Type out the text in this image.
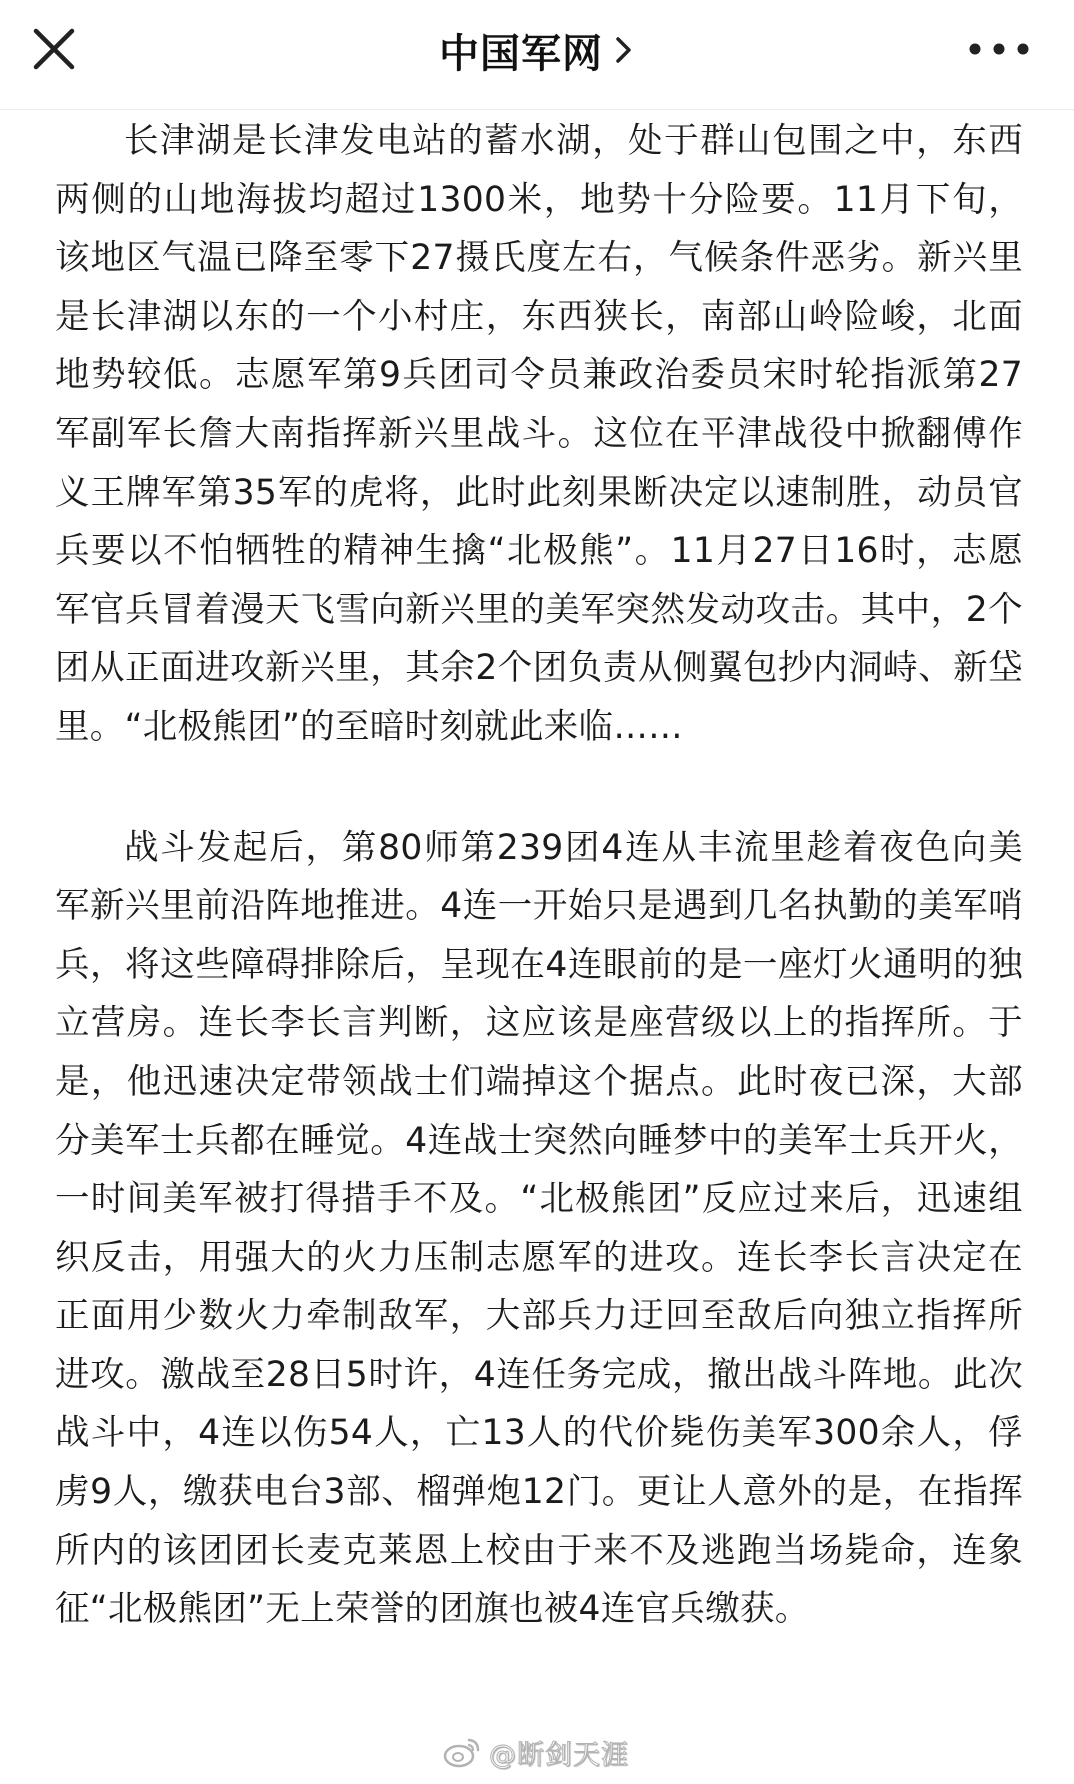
中国军网

长津湖是长津发电站的蓄水湖，处于群山包围之中，东西两侧的山地海拔均超过1300米，地势十分险要。11月下旬，该地区气温已降至零下27摄氏度左右，气候条件恶劣。新兴里是长津湖以东的一个小村庄，东西狭长，南部山岭险峻，北面地势较低。志愿军第9兵团司令员兼政治委员宋时轮指派第27军副军长詹大南指挥新兴里战斗。这位在平津战役中掀翻傅作义王牌军第35军的虎将，此时此刻果断决定以速制胜，动员官兵要以不怕牺牲的精神生擒“北极熊”。11月27日16时，志愿军官兵冒着漫天飞雪向新兴里的美军突然发动攻击。其中，2个团从正面进攻新兴里，其余2个团负责从侧翼包抄内洞峙、新垈里。“北极熊团”的至暗时刻就此来临……

战斗发起后，第80师第239团4连从丰流里趁着夜色向美军新兴里前沿阵地推进。4连一开始只是遇到几名执勤的美军哨兵，将这些障碍排除后，呈现在4连眼前的是一座灯火通明的独立营房。连长李长言判断，这应该是座营级以上的指挥所。于是，他迅速决定带领战士们端掉这个据点。此时夜已深，大部分美军士兵都在睡觉。4连战士突然向睡梦中的美军士兵开火，一时间美军被打得措手不及。“北极熊团”反应过来后，迅速组织反击，用强大的火力压制志愿军的进攻。连长李长言决定在正面用少数火力牵制敌军，大部兵力迂回至敌后向独立指挥所进攻。激战至28日5时许，4连任务完成，撤出战斗阵地。此次战斗中，4连以伤54人，亡13人的代价毙伤美军300余人，俘虏9人，缴获电台3部、榴弹炮12门。更让人意外的是，在指挥所内的该团团长麦克莱恩上校由于来不及逃跑当场毙命，连象征“北极熊团”无上荣誉的团旗也被4连官兵缴获。

@断剑天涯
